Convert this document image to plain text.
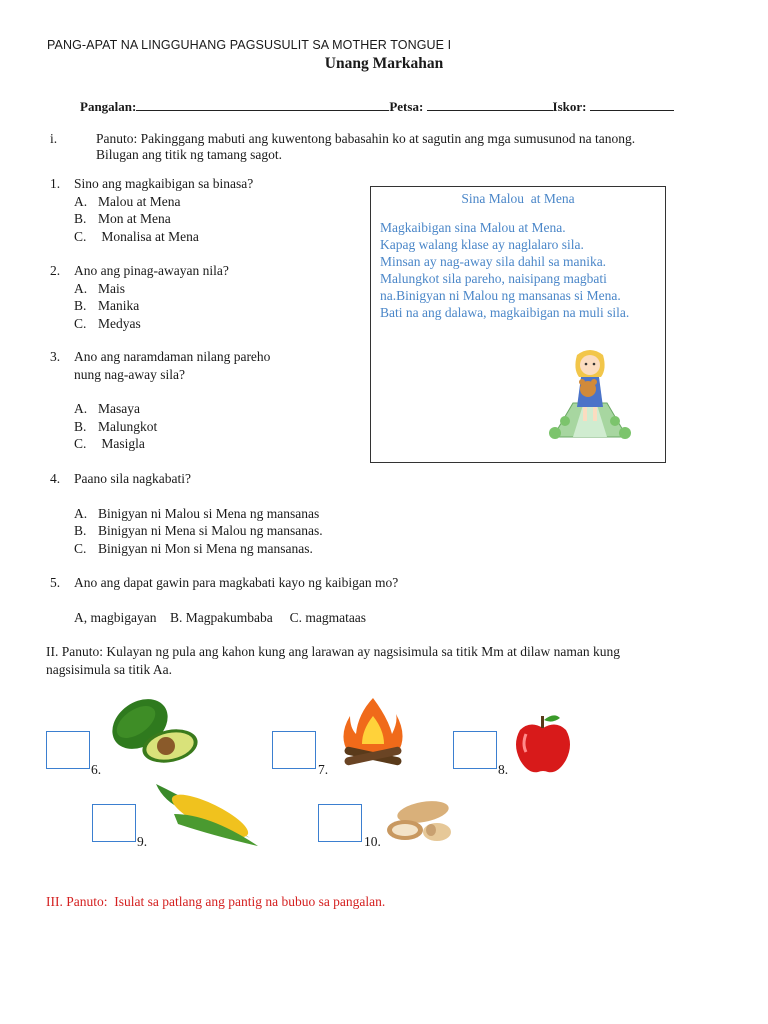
PANG-APAT NA LINGGUHANG PAGSUSULIT SA MOTHER TONGUE I
Unang Markahan
Pangalan:	Petsa:	Iskor:
i.	Panuto: Pakinggang mabuti ang kuwentong babasahin ko at sagutin ang mga sumusunod na tanong.
Bilugan ang titik ng tamang sagot.
1. Sino ang magkaibigan sa binasa?
A. Malou at Mena
B. Mon at Mena
C. Monalisa at Mena
2. Ano ang pinag-awayan nila?
A. Mais
B. Manika
C. Medyas
3. Ano ang naramdaman nilang pareho
nung nag-away sila?
A. Masaya
B. Malungkot
C. Masigla
4. Paano sila nagkabati?
A. Binigyan ni Malou si Mena ng mansanas
B. Binigyan ni Mena si Malou ng mansanas.
C. Binigyan ni Mon si Mena ng mansanas.
5. Ano ang dapat gawin para magkabati kayo ng kaibigan mo?
A, magbigayan    B. Magpakumbaba     C. magmataas
Sina Malou  at Mena
Magkaibigan sina Malou at Mena.
Kapag walang klase ay naglalaro sila.
Minsan ay nag-away sila dahil sa manika.
Malungkot sila pareho, naisipang magbati
na.Binigyan ni Malou ng mansanas si Mena.
Bati na ang dalawa, magkaibigan na muli sila.
II. Panuto: Kulayan ng pula ang kahon kung ang larawan ay nagsisimula sa titik Mm at dilaw naman kung
nagsisimula sa titik Aa.
6.	7.	8.
9.	10.
III. Panuto:  Isulat sa patlang ang pantig na bubuo sa pangalan.
